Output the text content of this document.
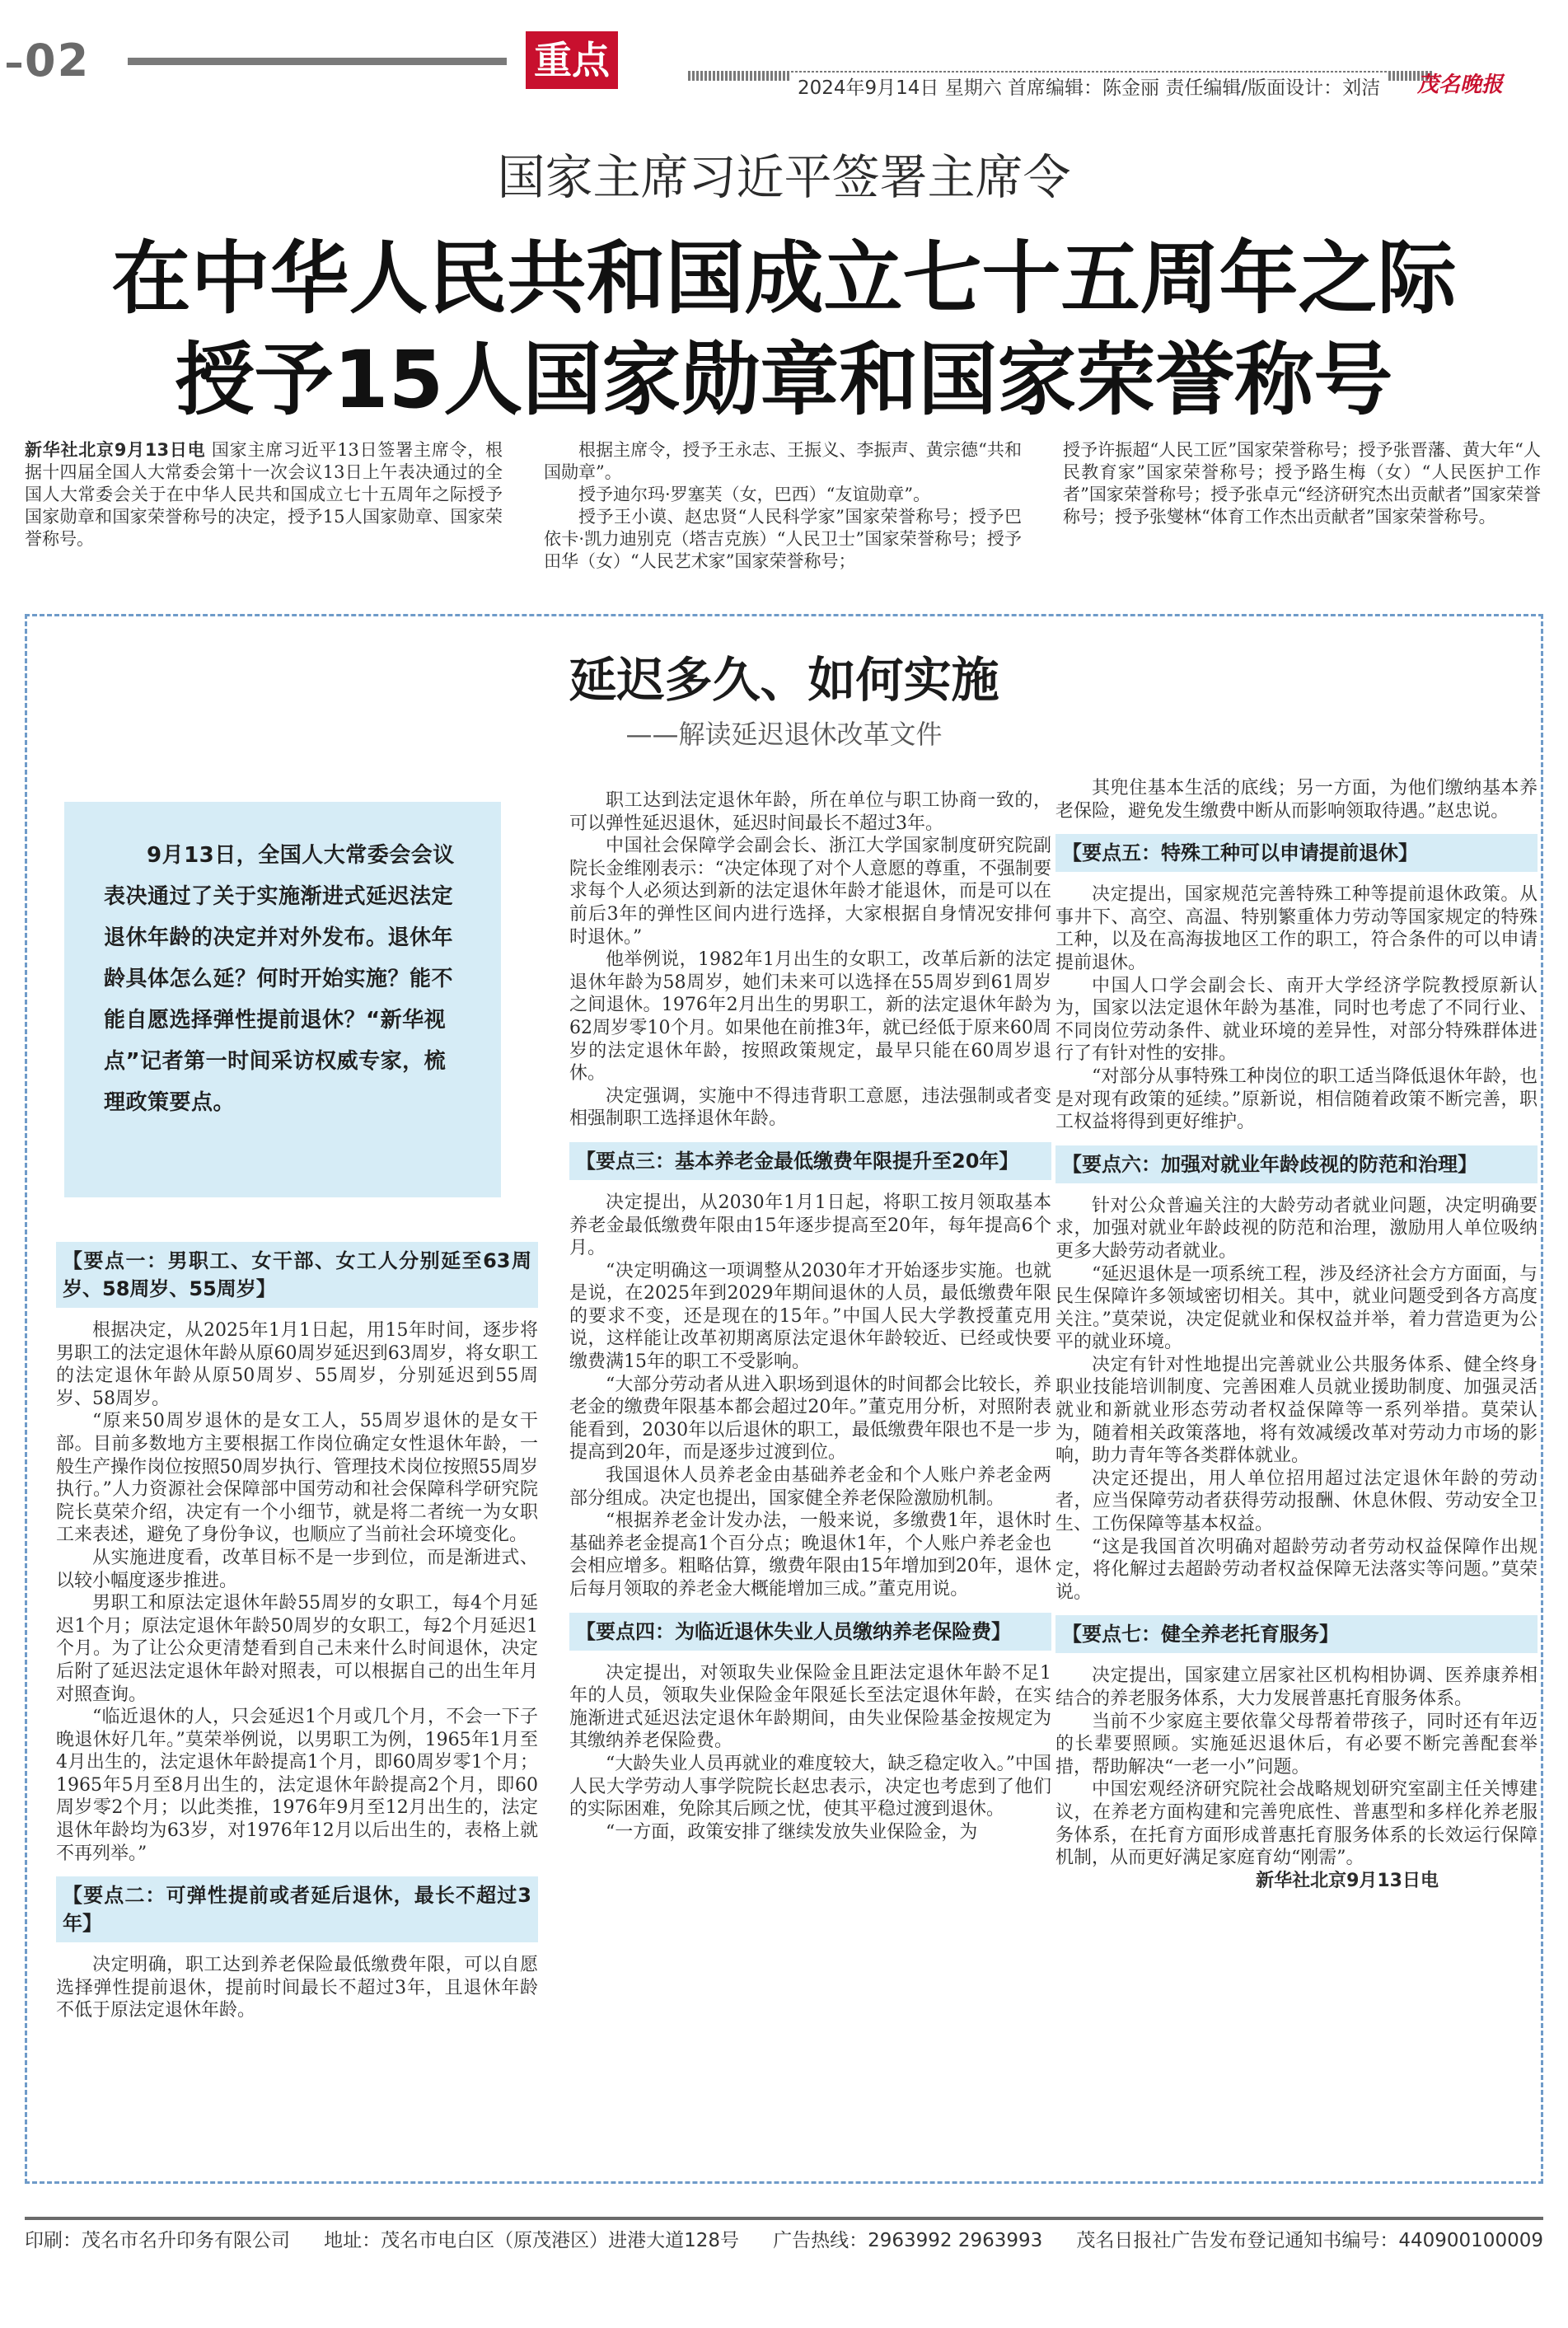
02	重点
2024年9月14日 星期六 首席编辑：陈金丽 责任编辑/版面设计：刘洁	茂名晚报
国家主席习近平签署主席令
在中华人民共和国成立七十五周年之际
授予15人国家勋章和国家荣誉称号

新华社北京9月13日电 国家主席习近平13日签署主席令，根据十四届全国人大常委会第十一次会议13日上午表决通过的全国人大常委会关于在中华人民共和国成立七十五周年之际授予国家勋章和国家荣誉称号的决定，授予15人国家勋章、国家荣誉称号。

根据主席令，授予王永志、王振义、李振声、黄宗德“共和国勋章”。

授予迪尔玛·罗塞芙（女，巴西）“友谊勋章”。

授予王小谟、赵忠贤“人民科学家”国家荣誉称号；授予巴依卡·凯力迪别克（塔吉克族）“人民卫士”国家荣誉称号；授予田华（女）“人民艺术家”国家荣誉称号；

授予许振超“人民工匠”国家荣誉称号；授予张晋藩、黄大年“人民教育家”国家荣誉称号；授予路生梅（女）“人民医护工作者”国家荣誉称号；授予张卓元“经济研究杰出贡献者”国家荣誉称号；授予张燮林“体育工作杰出贡献者”国家荣誉称号。

延迟多久、如何实施
——解读延迟退休改革文件
9月13日，全国人大常委会会议表决通过了关于实施渐进式延迟法定退休年龄的决定并对外发布。退休年龄具体怎么延？何时开始实施？能不能自愿选择弹性提前退休？“新华视点”记者第一时间采访权威专家，梳理政策要点。

【要点一：男职工、女干部、女工人分别延至63周岁、58周岁、55周岁】

根据决定，从2025年1月1日起，用15年时间，逐步将男职工的法定退休年龄从原60周岁延迟到63周岁，将女职工的法定退休年龄从原50周岁、55周岁，分别延迟到55周岁、58周岁。

“原来50周岁退休的是女工人，55周岁退休的是女干部。目前多数地方主要根据工作岗位确定女性退休年龄，一般生产操作岗位按照50周岁执行、管理技术岗位按照55周岁执行。”人力资源社会保障部中国劳动和社会保障科学研究院院长莫荣介绍，决定有一个小细节，就是将二者统一为女职工来表述，避免了身份争议，也顺应了当前社会环境变化。

从实施进度看，改革目标不是一步到位，而是渐进式、以较小幅度逐步推进。

男职工和原法定退休年龄55周岁的女职工，每4个月延迟1个月；原法定退休年龄50周岁的女职工，每2个月延迟1个月。为了让公众更清楚看到自己未来什么时间退休，决定后附了延迟法定退休年龄对照表，可以根据自己的出生年月对照查询。

“临近退休的人，只会延迟1个月或几个月，不会一下子晚退休好几年。”莫荣举例说，以男职工为例，1965年1月至4月出生的，法定退休年龄提高1个月，即60周岁零1个月；1965年5月至8月出生的，法定退休年龄提高2个月，即60周岁零2个月；以此类推，1976年9月至12月出生的，法定退休年龄均为63岁，对1976年12月以后出生的，表格上就不再列举。”

【要点二：可弹性提前或者延后退休，最长不超过3年】

决定明确，职工达到养老保险最低缴费年限，可以自愿选择弹性提前退休，提前时间最长不超过3年，且退休年龄不低于原法定退休年龄。

职工达到法定退休年龄，所在单位与职工协商一致的，可以弹性延迟退休，延迟时间最长不超过3年。

中国社会保障学会副会长、浙江大学国家制度研究院副院长金维刚表示：“决定体现了对个人意愿的尊重，不强制要求每个人必须达到新的法定退休年龄才能退休，而是可以在前后3年的弹性区间内进行选择，大家根据自身情况安排何时退休。”

他举例说，1982年1月出生的女职工，改革后新的法定退休年龄为58周岁，她们未来可以选择在55周岁到61周岁之间退休。1976年2月出生的男职工，新的法定退休年龄为62周岁零10个月。如果他在前推3年，就已经低于原来60周岁的法定退休年龄，按照政策规定，最早只能在60周岁退休。

决定强调，实施中不得违背职工意愿，违法强制或者变相强制职工选择退休年龄。

【要点三：基本养老金最低缴费年限提升至20年】

决定提出，从2030年1月1日起，将职工按月领取基本养老金最低缴费年限由15年逐步提高至20年，每年提高6个月。

“决定明确这一项调整从2030年才开始逐步实施。也就是说，在2025年到2029年期间退休的人员，最低缴费年限的要求不变，还是现在的15年。”中国人民大学教授董克用说，这样能让改革初期离原法定退休年龄较近、已经或快要缴费满15年的职工不受影响。

“大部分劳动者从进入职场到退休的时间都会比较长，养老金的缴费年限基本都会超过20年。”董克用分析，对照附表能看到，2030年以后退休的职工，最低缴费年限也不是一步提高到20年，而是逐步过渡到位。

我国退休人员养老金由基础养老金和个人账户养老金两部分组成。决定也提出，国家健全养老保险激励机制。

“根据养老金计发办法，一般来说，多缴费1年，退休时基础养老金提高1个百分点；晚退休1年，个人账户养老金也会相应增多。粗略估算，缴费年限由15年增加到20年，退休后每月领取的养老金大概能增加三成。”董克用说。

【要点四：为临近退休失业人员缴纳养老保险费】

决定提出，对领取失业保险金且距法定退休年龄不足1年的人员，领取失业保险金年限延长至法定退休年龄，在实施渐进式延迟法定退休年龄期间，由失业保险基金按规定为其缴纳养老保险费。

“大龄失业人员再就业的难度较大，缺乏稳定收入。”中国人民大学劳动人事学院院长赵忠表示，决定也考虑到了他们的实际困难，免除其后顾之忧，使其平稳过渡到退休。

“一方面，政策安排了继续发放失业保险金，为

其兜住基本生活的底线；另一方面，为他们缴纳基本养老保险，避免发生缴费中断从而影响领取待遇。”赵忠说。

【要点五：特殊工种可以申请提前退休】

决定提出，国家规范完善特殊工种等提前退休政策。从事井下、高空、高温、特别繁重体力劳动等国家规定的特殊工种，以及在高海拔地区工作的职工，符合条件的可以申请提前退休。

中国人口学会副会长、南开大学经济学院教授原新认为，国家以法定退休年龄为基准，同时也考虑了不同行业、不同岗位劳动条件、就业环境的差异性，对部分特殊群体进行了有针对性的安排。

“对部分从事特殊工种岗位的职工适当降低退休年龄，也是对现有政策的延续。”原新说，相信随着政策不断完善，职工权益将得到更好维护。

【要点六：加强对就业年龄歧视的防范和治理】

针对公众普遍关注的大龄劳动者就业问题，决定明确要求，加强对就业年龄歧视的防范和治理，激励用人单位吸纳更多大龄劳动者就业。

“延迟退休是一项系统工程，涉及经济社会方方面面，与民生保障许多领域密切相关。其中，就业问题受到各方高度关注。”莫荣说，决定促就业和保权益并举，着力营造更为公平的就业环境。

决定有针对性地提出完善就业公共服务体系、健全终身职业技能培训制度、完善困难人员就业援助制度、加强灵活就业和新就业形态劳动者权益保障等一系列举措。莫荣认为，随着相关政策落地，将有效减缓改革对劳动力市场的影响，助力青年等各类群体就业。

决定还提出，用人单位招用超过法定退休年龄的劳动者，应当保障劳动者获得劳动报酬、休息休假、劳动安全卫生、工伤保障等基本权益。

“这是我国首次明确对超龄劳动者劳动权益保障作出规定，将化解过去超龄劳动者权益保障无法落实等问题。”莫荣说。

【要点七：健全养老托育服务】

决定提出，国家建立居家社区机构相协调、医养康养相结合的养老服务体系，大力发展普惠托育服务体系。

当前不少家庭主要依靠父母帮着带孩子，同时还有年迈的长辈要照顾。实施延迟退休后，有必要不断完善配套举措，帮助解决“一老一小”问题。

中国宏观经济研究院社会战略规划研究室副主任关博建议，在养老方面构建和完善兜底性、普惠型和多样化养老服务体系，在托育方面形成普惠托育服务体系的长效运行保障机制，从而更好满足家庭育幼“刚需”。

新华社北京9月13日电

印刷：茂名市名升印务有限公司 地址：茂名市电白区（原茂港区）进港大道128号 广告热线：2963992 2963993 茂名日报社广告发布登记通知书编号：440900100009
